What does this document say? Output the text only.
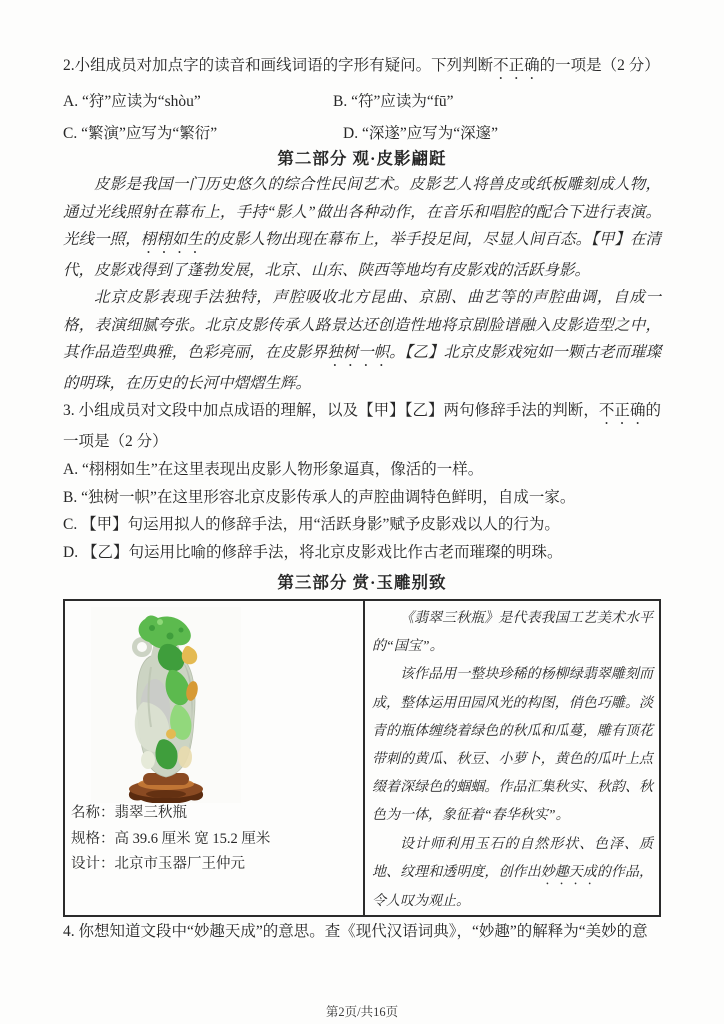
2.小组成员对加点字的读音和画线词语的字形有疑问。下列判断不正确的一项是（2 分）
A. “狩”应读为“shòu”	B. “符”应读为“fū”
C. “繁演”应写为“繁衍”	D. “深遂”应写为“深邃”
第二部分 观·皮影翩跹

皮影是我国一门历史悠久的综合性民间艺术。皮影艺人将兽皮或纸板雕刻成人物，通过光线照射在幕布上，手持“影人”做出各种动作，在音乐和唱腔的配合下进行表演。光线一照，栩栩如生的皮影人物出现在幕布上，举手投足间，尽显人间百态。【甲】在清代，皮影戏得到了蓬勃发展，北京、山东、陕西等地均有皮影戏的活跃身影。

北京皮影表现手法独特，声腔吸收北方昆曲、京剧、曲艺等的声腔曲调，自成一格，表演细腻夸张。北京皮影传承人路景达还创造性地将京剧脸谱融入皮影造型之中，其作品造型典雅，色彩亮丽，在皮影界独树一帜。【乙】北京皮影戏宛如一颗古老而璀璨的明珠，在历史的长河中熠熠生辉。

3. 小组成员对文段中加点成语的理解，以及【甲】【乙】两句修辞手法的判断，不正确的一项是（2 分）
A. “栩栩如生”在这里表现出皮影人物形象逼真，像活的一样。
B. “独树一帜”在这里形容北京皮影传承人的声腔曲调特色鲜明，自成一家。
C. 【甲】句运用拟人的修辞手法，用“活跃身影”赋予皮影戏以人的行为。
D. 【乙】句运用比喻的修辞手法，将北京皮影戏比作古老而璀璨的明珠。
第三部分 赏·玉雕别致
名称：翡翠三秋瓶
规格：高 39.6 厘米 宽 15.2 厘米
设计：北京市玉器厂王仲元

《翡翠三秋瓶》是代表我国工艺美术水平的“国宝”。

该作品用一整块珍稀的杨柳绿翡翠雕刻而成，整体运用田园风光的构图，俏色巧雕。淡青的瓶体缠绕着绿色的秋瓜和瓜蔓，雕有顶花带刺的黄瓜、秋豆、小萝卜，黄色的瓜叶上点缀着深绿色的蝈蝈。作品汇集秋实、秋韵、秋色为一体，象征着“春华秋实”。

设计师利用玉石的自然形状、色泽、质地、纹理和透明度，创作出妙趣天成的作品，令人叹为观止。

4. 你想知道文段中“妙趣天成”的意思。查《现代汉语词典》，“妙趣”的解释为“美妙的意
第2页/共16页
